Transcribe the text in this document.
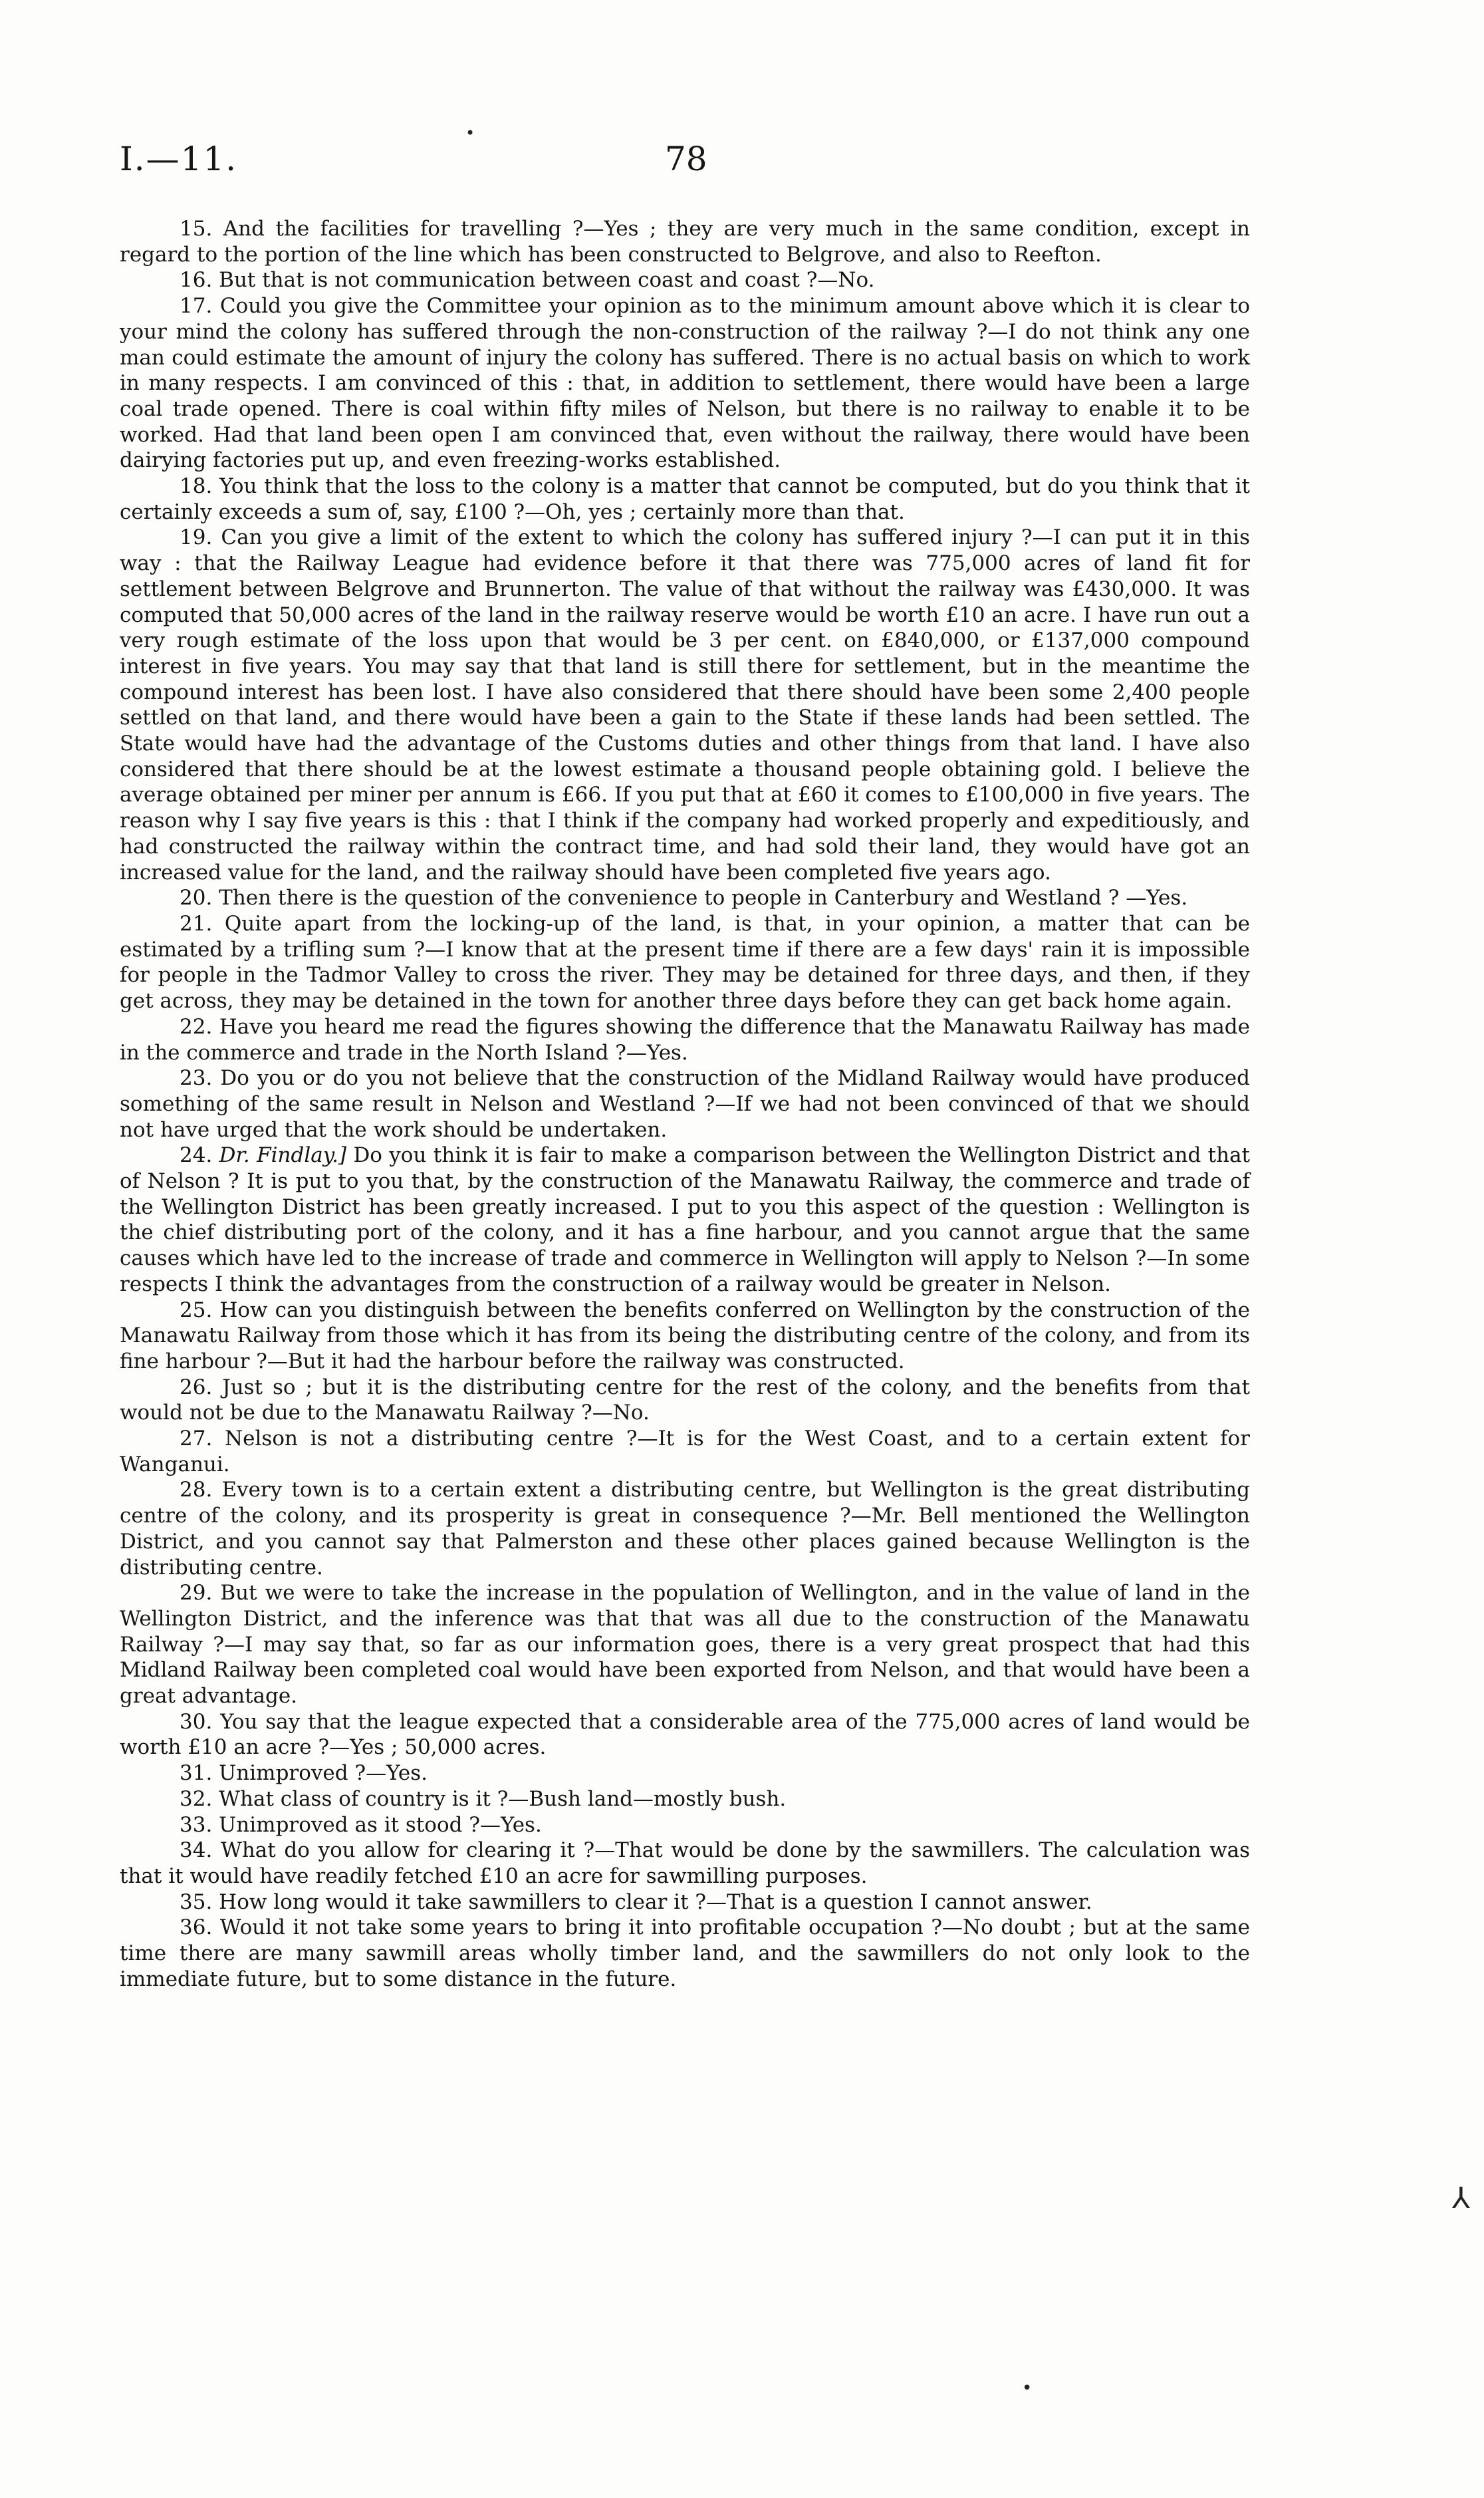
•
I.—11.	78

15. And the facilities for travelling ?—Yes ; they are very much in the same condition, except in regard to the portion of the line which has been constructed to Belgrove, and also to Reefton.

16. But that is not communication between coast and coast ?—No.

17. Could you give the Committee your opinion as to the minimum amount above which it is clear to your mind the colony has suffered through the non-construction of the railway ?—I do not think any one man could estimate the amount of injury the colony has suffered. There is no actual basis on which to work in many respects. I am convinced of this : that, in addition to settlement, there would have been a large coal trade opened. There is coal within fifty miles of Nelson, but there is no railway to enable it to be worked. Had that land been open I am convinced that, even without the railway, there would have been dairying factories put up, and even freezing-works established.

18. You think that the loss to the colony is a matter that cannot be computed, but do you think that it certainly exceeds a sum of, say, £100 ?—Oh, yes ; certainly more than that.

19. Can you give a limit of the extent to which the colony has suffered injury ?—I can put it in this way : that the Railway League had evidence before it that there was 775,000 acres of land fit for settlement between Belgrove and Brunnerton. The value of that without the railway was £430,000. It was computed that 50,000 acres of the land in the railway reserve would be worth £10 an acre. I have run out a very rough estimate of the loss upon that would be 3 per cent. on £840,000, or £137,000 compound interest in five years. You may say that that land is still there for settlement, but in the meantime the compound interest has been lost. I have also considered that there should have been some 2,400 people settled on that land, and there would have been a gain to the State if these lands had been settled. The State would have had the advantage of the Customs duties and other things from that land. I have also considered that there should be at the lowest estimate a thousand people obtaining gold. I believe the average obtained per miner per annum is £66. If you put that at £60 it comes to £100,000 in five years. The reason why I say five years is this : that I think if the company had worked properly and expeditiously, and had constructed the railway within the contract time, and had sold their land, they would have got an increased value for the land, and the railway should have been completed five years ago.

20. Then there is the question of the convenience to people in Canterbury and Westland ? —Yes.

21. Quite apart from the locking-up of the land, is that, in your opinion, a matter that can be estimated by a trifling sum ?—I know that at the present time if there are a few days' rain it is impossible for people in the Tadmor Valley to cross the river. They may be detained for three days, and then, if they get across, they may be detained in the town for another three days before they can get back home again.

22. Have you heard me read the figures showing the difference that the Manawatu Railway has made in the commerce and trade in the North Island ?—Yes.

23. Do you or do you not believe that the construction of the Midland Railway would have produced something of the same result in Nelson and Westland ?—If we had not been convinced of that we should not have urged that the work should be undertaken.

24. Dr. Findlay.] Do you think it is fair to make a comparison between the Wellington District and that of Nelson ? It is put to you that, by the construction of the Manawatu Railway, the commerce and trade of the Wellington District has been greatly increased. I put to you this aspect of the question : Wellington is the chief distributing port of the colony, and it has a fine harbour, and you cannot argue that the same causes which have led to the increase of trade and commerce in Wellington will apply to Nelson ?—In some respects I think the advantages from the construction of a railway would be greater in Nelson.

25. How can you distinguish between the benefits conferred on Wellington by the construction of the Manawatu Railway from those which it has from its being the distributing centre of the colony, and from its fine harbour ?—But it had the harbour before the railway was constructed.

26. Just so ; but it is the distributing centre for the rest of the colony, and the benefits from that would not be due to the Manawatu Railway ?—No.

27. Nelson is not a distributing centre ?—It is for the West Coast, and to a certain extent for Wanganui.

28. Every town is to a certain extent a distributing centre, but Wellington is the great distributing centre of the colony, and its prosperity is great in consequence ?—Mr. Bell mentioned the Wellington District, and you cannot say that Palmerston and these other places gained because Wellington is the distributing centre.

29. But we were to take the increase in the population of Wellington, and in the value of land in the Wellington District, and the inference was that that was all due to the construction of the Manawatu Railway ?—I may say that, so far as our information goes, there is a very great prospect that had this Midland Railway been completed coal would have been exported from Nelson, and that would have been a great advantage.

30. You say that the league expected that a considerable area of the 775,000 acres of land would be worth £10 an acre ?—Yes ; 50,000 acres.

31. Unimproved ?—Yes.

32. What class of country is it ?—Bush land—mostly bush.

33. Unimproved as it stood ?—Yes.

34. What do you allow for clearing it ?—That would be done by the sawmillers. The calculation was that it would have readily fetched £10 an acre for sawmilling purposes.

35. How long would it take sawmillers to clear it ?—That is a question I cannot answer.

36. Would it not take some years to bring it into profitable occupation ?—No doubt ; but at the same time there are many sawmill areas wholly timber land, and the sawmillers do not only look to the immediate future, but to some distance in the future.

⅄
•
